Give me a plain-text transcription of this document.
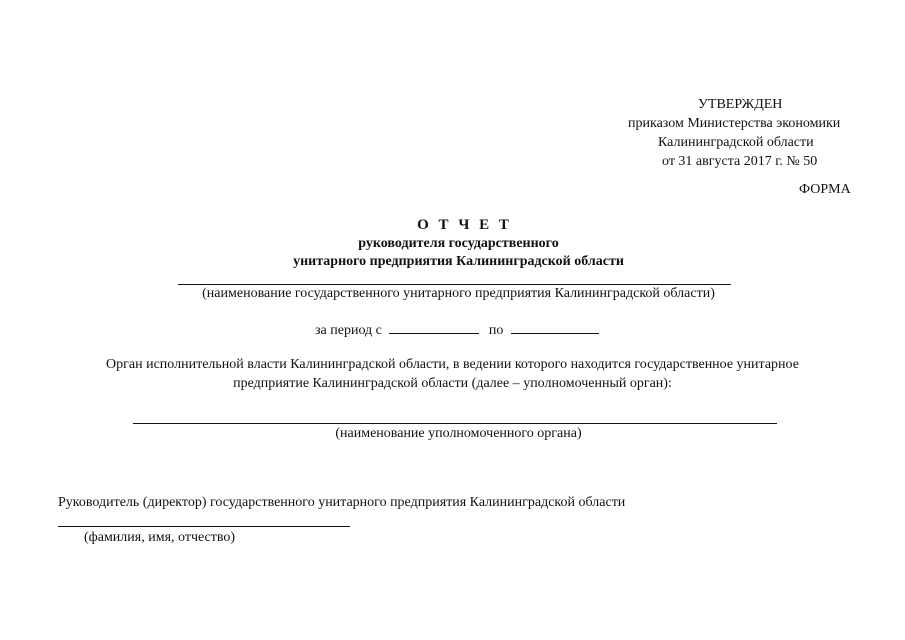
УТВЕРЖДЕН
приказом Министерства экономики
Калининградской области
от 31 августа 2017 г. № 50
ФОРМА
О Т Ч Е Т
руководителя государственного
унитарного предприятия Калининградской области
(наименование государственного унитарного предприятия Калининградской области)
за период с	по
Орган исполнительной власти Калининградской области, в ведении которого находится государственное унитарное
предприятие Калининградской области (далее – уполномоченный орган):
(наименование уполномоченного органа)
Руководитель (директор) государственного унитарного предприятия Калининградской области
(фамилия, имя, отчество)
